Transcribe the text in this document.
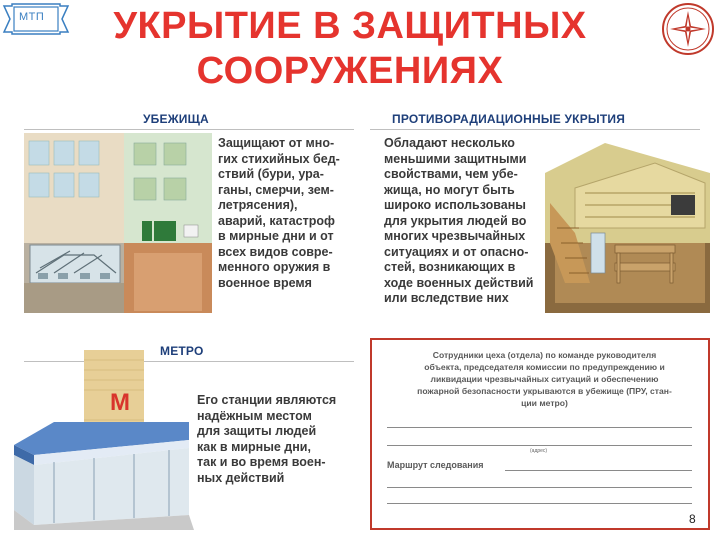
МТП	УКРЫТИЕ В ЗАЩИТНЫХ
СООРУЖЕНИЯХ
УБЕЖИЩА
Защищают от мно-
гих стихийных бед-
ствий (бури, ура-
ганы, смерчи, зем-
летрясения),
аварий, катастроф
в мирные дни и от
всех видов совре-
менного оружия в
военное время
ПРОТИВОРАДИАЦИОННЫЕ УКРЫТИЯ
Обладают несколько
меньшими защитными
свойствами, чем убе-
жища, но могут быть
широко использованы
для укрытия людей во
многих чрезвычайных
ситуациях и от опасно-
стей, возникающих в
ходе военных действий
или вследствие них
МЕТРО
М	Его станции являются
надёжным местом
для защиты людей
как в мирные дни,
так и во время воен-
ных действий
Сотрудники цеха (отдела) по команде руководителя
объекта, председателя комиссии по предупреждению и
ликвидации чрезвычайных ситуаций и обеспечению
пожарной безопасности укрываются в убежище (ПРУ, стан-
ции метро)
(адрес)
Маршрут следования
8
